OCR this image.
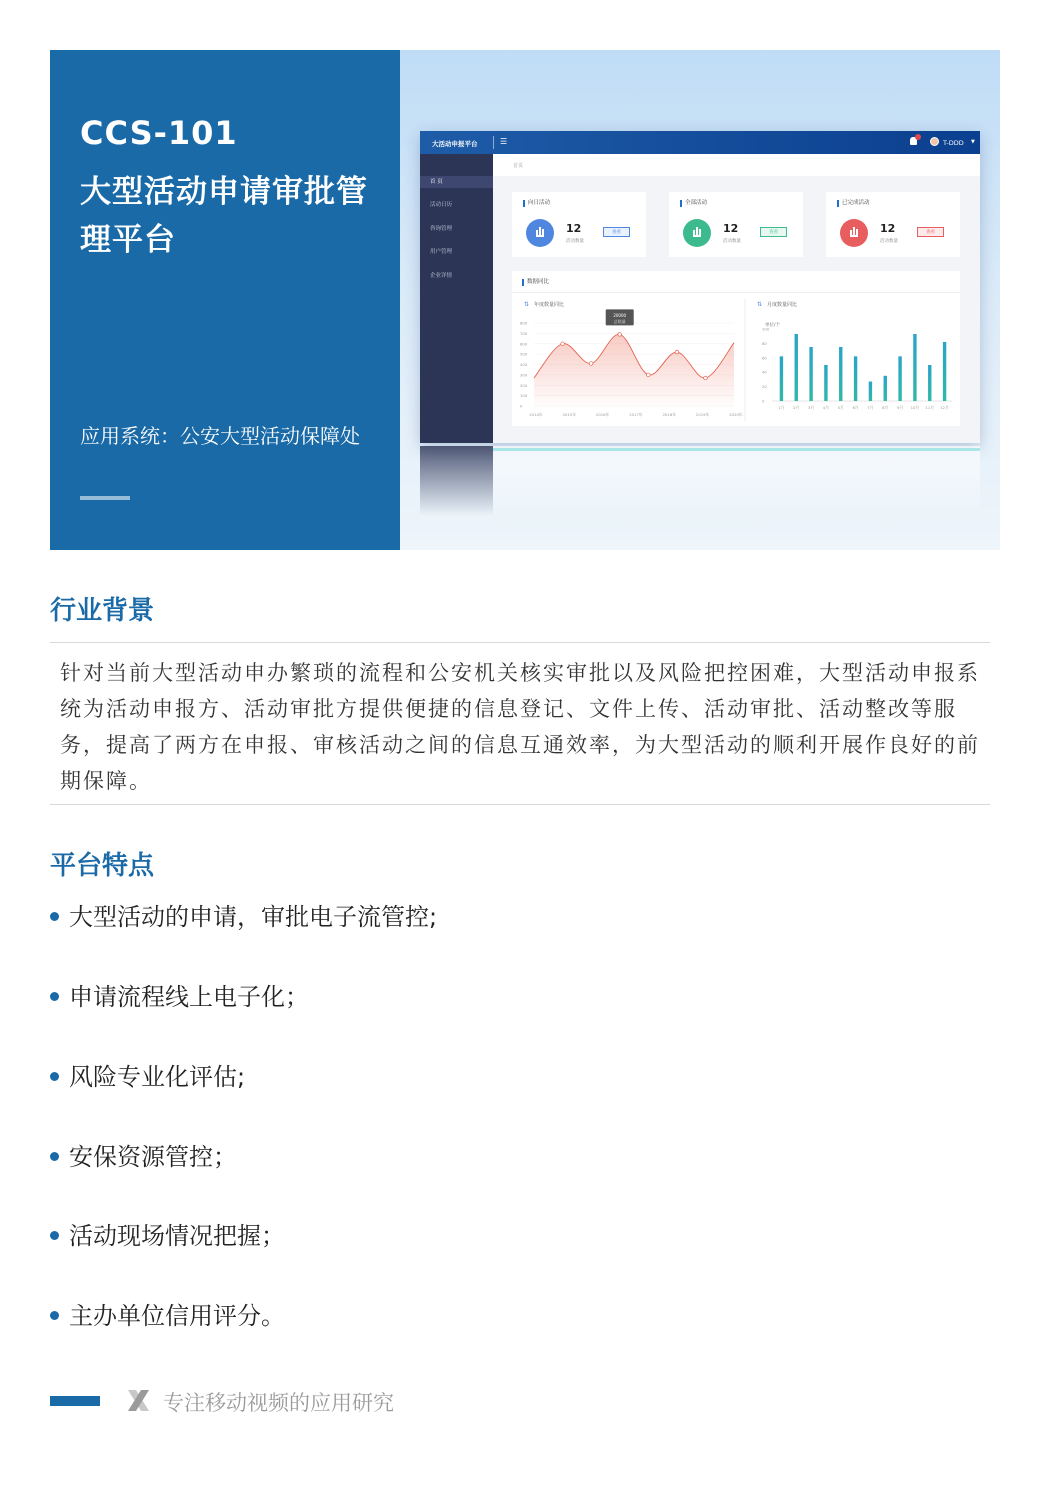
CCS-101
大型活动申请审批管理平台
应用系统：公安大型活动保障处
大活动申报平台	☰	T-DDD ▼
首 页
活动日历
咨询管理
用户管理
企业详情
首页
向日活动
12
活动数量
查看
全部活动
12
活动数量
查看
已完成活动
12
活动数量
查看
数据同比
年度数量同比	月度数量同比
⇅	⇅
单位/个
800
700
600
500
400
300
200
100
0
2014年	2015年	2016年	2017年	2018年	2019年	2020年
20000
总数量
100
80
60
40
20
0
1月 2月 3月 4月 5月 6月 7月 8月 9月 10月 11月 12月
行业背景
针对当前大型活动申办繁琐的流程和公安机关核实审批以及风险把控困难，大型活动申报系统为活动申报方、活动审批方提供便捷的信息登记、文件上传、活动审批、活动整改等服务，提高了两方在申报、审核活动之间的信息互通效率，为大型活动的顺利开展作良好的前期保障。
平台特点
大型活动的申请，审批电子流管控;
申请流程线上电子化；
风险专业化评估;
安保资源管控；
活动现场情况把握；
主办单位信用评分。
专注移动视频的应用研究
